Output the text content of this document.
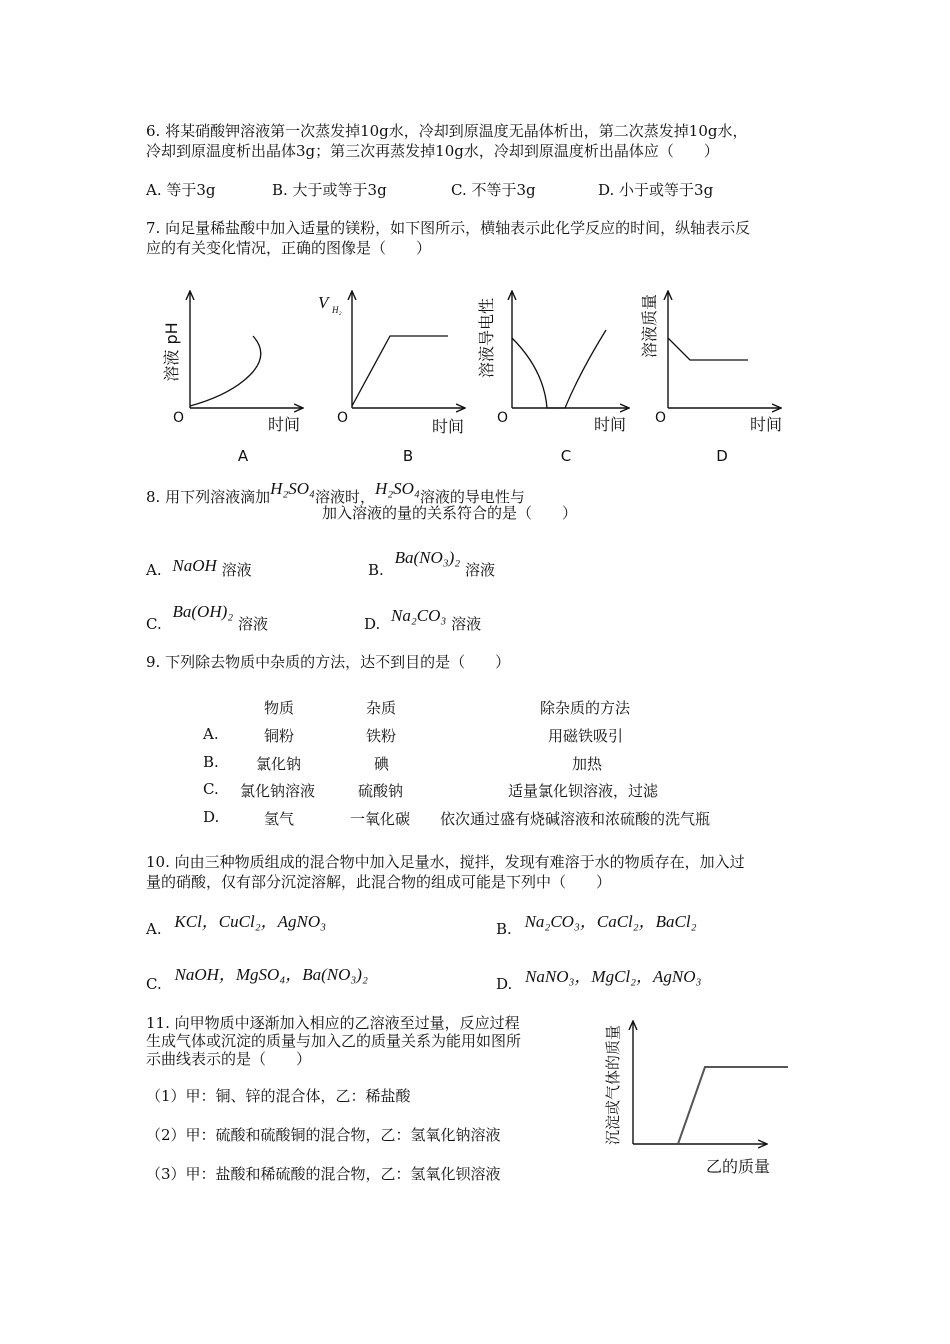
6. 将某硝酸钾溶液第一次蒸发掉10g水，冷却到原温度无晶体析出，第二次蒸发掉10g水，
冷却到原温度析出晶体3g；第三次再蒸发掉10g水，冷却到原温度析出晶体应（　　）
A. 等于3g	B. 大于或等于3g	C. 不等于3g	D. 小于或等于3g
7. 向足量稀盐酸中加入适量的镁粉，如下图所示，横轴表示此化学反应的时间，纵轴表示反
应的有关变化情况，正确的图像是（　　）
O	时间
溶液 pH
A
O	时间
V H₂
B
O	时间
溶液导电性
C
O	时间
溶液质量
D
8. 用下列溶液滴加H₂SO₄溶液时，H₂SO₄溶液的导电性与
加入溶液的量的关系符合的是（　　）
A. NaOH 溶液	B. Ba(NO₃)₂ 溶液
C. Ba(OH)₂ 溶液	D. Na₂CO₃ 溶液
9. 下列除去物质中杂质的方法，达不到目的是（　　）
物质	杂质	除杂质的方法
A.	铜粉	铁粉	用磁铁吸引
B. 氯化钠	碘	加热
C. 氯化钠溶液	硫酸钠	适量氯化钡溶液，过滤
D.	氢气	一氧化碳 依次通过盛有烧碱溶液和浓硫酸的洗气瓶
10. 向由三种物质组成的混合物中加入足量水，搅拌，发现有难溶于水的物质存在，加入过
量的硝酸，仅有部分沉淀溶解，此混合物的组成可能是下列中（　　）
A. KCl，CuCl₂，AgNO₃	B. Na₂CO₃，CaCl₂，BaCl₂
C. NaOH，MgSO₄，Ba(NO₃)₂	D. NaNO₃，MgCl₂，AgNO₃
11. 向甲物质中逐渐加入相应的乙溶液至过量，反应过程
生成气体或沉淀的质量与加入乙的质量关系为能用如图所
示曲线表示的是（　　）
（1）甲：铜、锌的混合体，乙：稀盐酸
（2）甲：硫酸和硫酸铜的混合物，乙：氢氧化钠溶液
（3）甲：盐酸和稀硫酸的混合物，乙：氢氧化钡溶液
沉淀或气体的质量
乙的质量
